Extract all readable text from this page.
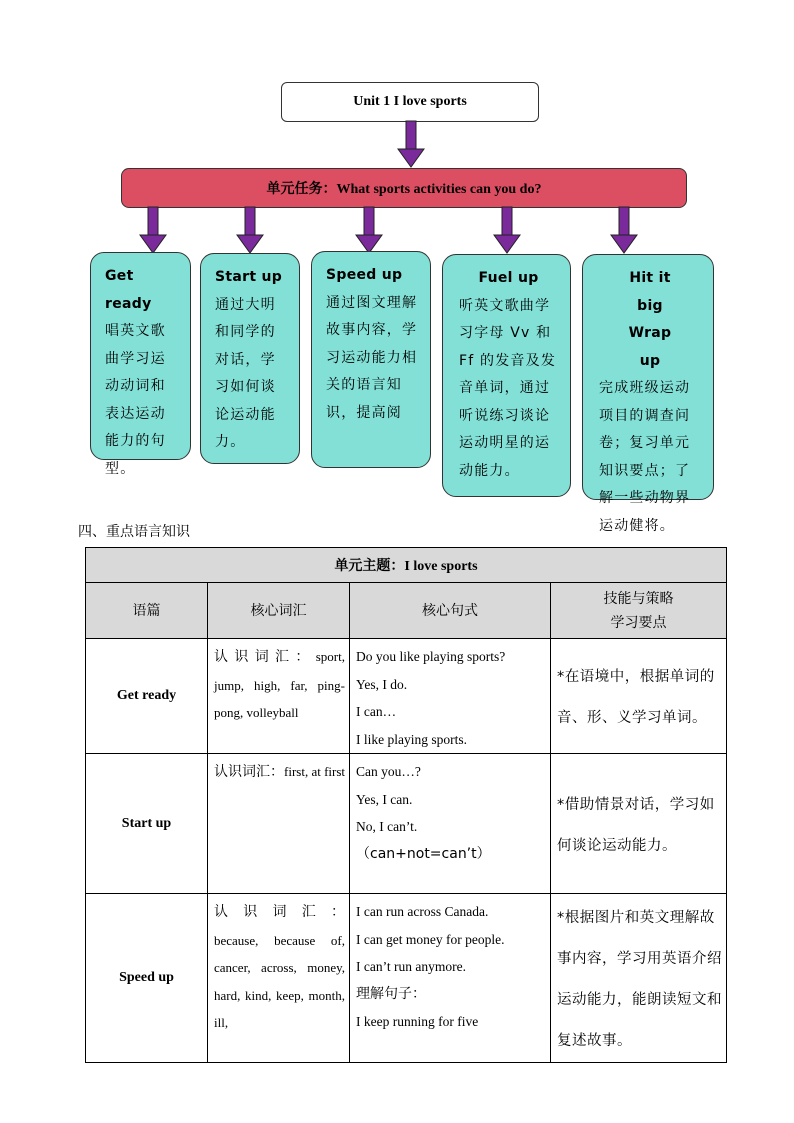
Unit 1 I love sports
单元任务：What sports activities can you do?
Get ready
唱英文歌曲学习运动动词和表达运动能力的句型。
Start up
通过大明和同学的对话，学习如何谈论运动能力。
Speed up
通过图文理解故事内容，学习运动能力相关的语言知识，提高阅
Fuel up
听英文歌曲学习字母 Vv 和 Ff 的发音及发音单词，通过听说练习谈论运动明星的运动能力。
Hit it big Wrap up
完成班级运动项目的调查问卷；复习单元知识要点；了解一些动物界运动健将。
四、重点语言知识
单元主题：I love sports			
语篇	核心词汇	核心句式	技能与策略
学习要点
Get ready	认识词汇：sport, jump, high, far, ping-pong, volleyball	Do you like playing sports?
Yes, I do.
I can…
I like playing sports.	*在语境中，根据单词的音、形、义学习单词。
Start up	认识词汇：first, at first	Can you…?
Yes, I can.
No, I can’t.
（can+not=can’t）	*借助情景对话，学习如何谈论运动能力。
Speed up	认 识 词 汇 ：because, because of, cancer, across, money, hard, kind, keep, month, ill,	I can run across Canada.
I can get money for people.
I can’t run anymore.
理解句子：
I keep running for five	*根据图片和英文理解故事内容，学习用英语介绍运动能力，能朗读短文和复述故事。
